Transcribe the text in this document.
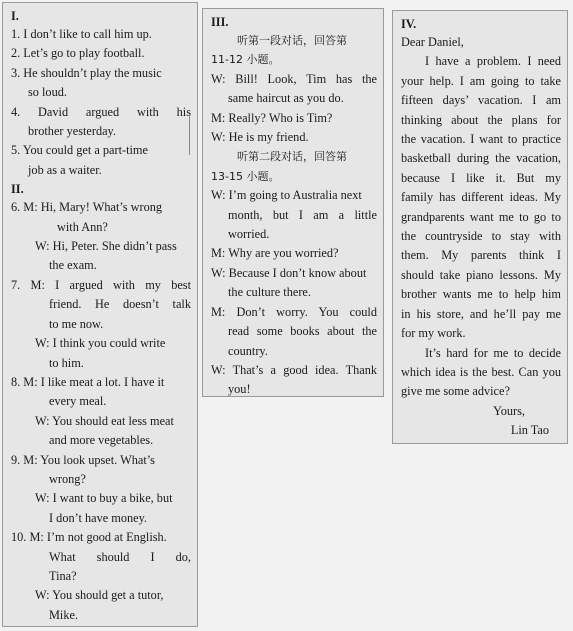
I.
1. I don’t like to call him up.
2. Let’s go to play football.
3. He shouldn’t play the music
so loud.
4. David argued with his
brother yesterday.
5. You could get a part-time
job as a waiter.
II.
6. M: Hi, Mary! What’s wrong
with Ann?
W: Hi, Peter. She didn’t pass
the exam.
7. M: I argued with my best
friend. He doesn’t talk
to me now.
W: I think you could write
to him.
8. M: I like meat a lot. I have it
every meal.
W: You should eat less meat
and more vegetables.
9. M: You look upset. What’s
wrong?
W: I want to buy a bike, but
I don’t have money.
10. M: I’m not good at English.
What should I do,
Tina?
W: You should get a tutor,
Mike.
III.
听第一段对话，回答第
11-12 小题。
W: Bill! Look, Tim has the
same haircut as you do.
M: Really? Who is Tim?
W: He is my friend.
听第二段对话，回答第
13-15 小题。
W: I’m going to Australia next
month, but I am a little
worried.
M: Why are you worried?
W: Because I don’t know about
the culture there.
M: Don’t worry. You could
read some books about the
country.
W: That’s a good idea. Thank
you!
IV.
Dear Daniel,
I have a problem. I need
your help. I am going to take
fifteen days’ vacation. I am
thinking about the plans for
the vacation. I want to practice
basketball during the vacation,
because I like it. But my
family has different ideas. My
grandparents want me to go to
the countryside to stay with
them. My parents think I
should take piano lessons. My
brother wants me to help him
in his store, and he’ll pay me
for my work.
It’s hard for me to decide
which idea is the best. Can you
give me some advice?
Yours,
Lin Tao
